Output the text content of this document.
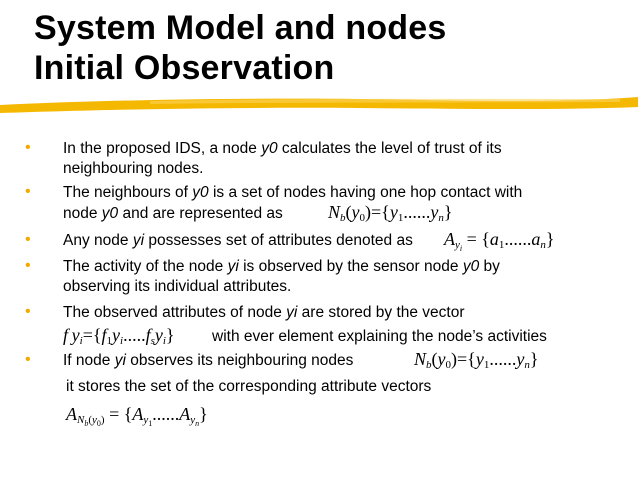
System Model and nodes
Initial Observation
• In the proposed IDS, a node y0 calculates the level of trust of its
neighbouring nodes.
• The neighbours of y0 is a set of nodes having one hop contact with
node y0 and are represented as	$N_b(y_0)=\{y_1......y_n\}$
• Any node yi possesses set of attributes denoted as $A_{y_i} = \{a_1......a_n\}$
• The activity of the node yi is observed by the sensor node y0 by
observing its individual attributes.
• The observed attributes of node yi are stored by the vector
f  $y_i=\{f_1y_i.....f_sy_i\}$ with ever element explaining the node’s activities
• If node yi observes its neighbouring nodes	$N_b(y_0)=\{y_1......y_n\}$
it stores the set of the corresponding attribute vectors
$A_{N_b(y_0)} = \{A_{y_1}......A_{y_n}\}$
